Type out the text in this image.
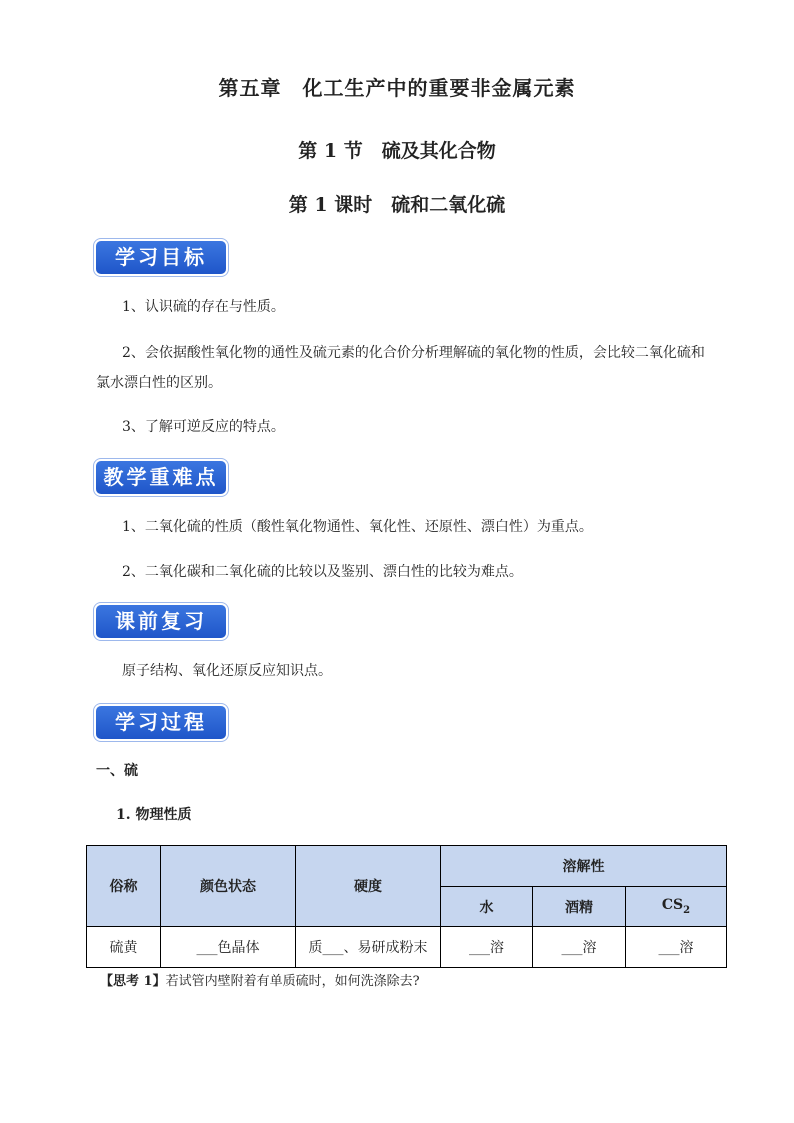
第五章　化工生产中的重要非金属元素
第 1 节　硫及其化合物
第 1 课时　硫和二氧化硫
学习目标
1、认识硫的存在与性质。
2、会依据酸性氧化物的通性及硫元素的化合价分析理解硫的氧化物的性质，会比较二氧化硫和
氯水漂白性的区别。
3、了解可逆反应的特点。
教学重难点
1、二氧化硫的性质（酸性氧化物通性、氧化性、还原性、漂白性）为重点。
2、二氧化碳和二氧化硫的比较以及鉴别、漂白性的比较为难点。
课前复习
原子结构、氧化还原反应知识点。
学习过程
一、硫
1. 物理性质
俗称	颜色状态	硬度	溶解性		
			水	酒精	$CS_2$
硫黄	___色晶体	质___、易研成粉末	___溶	___溶	___溶
【思考 1】若试管内壁附着有单质硫时，如何洗涤除去?
